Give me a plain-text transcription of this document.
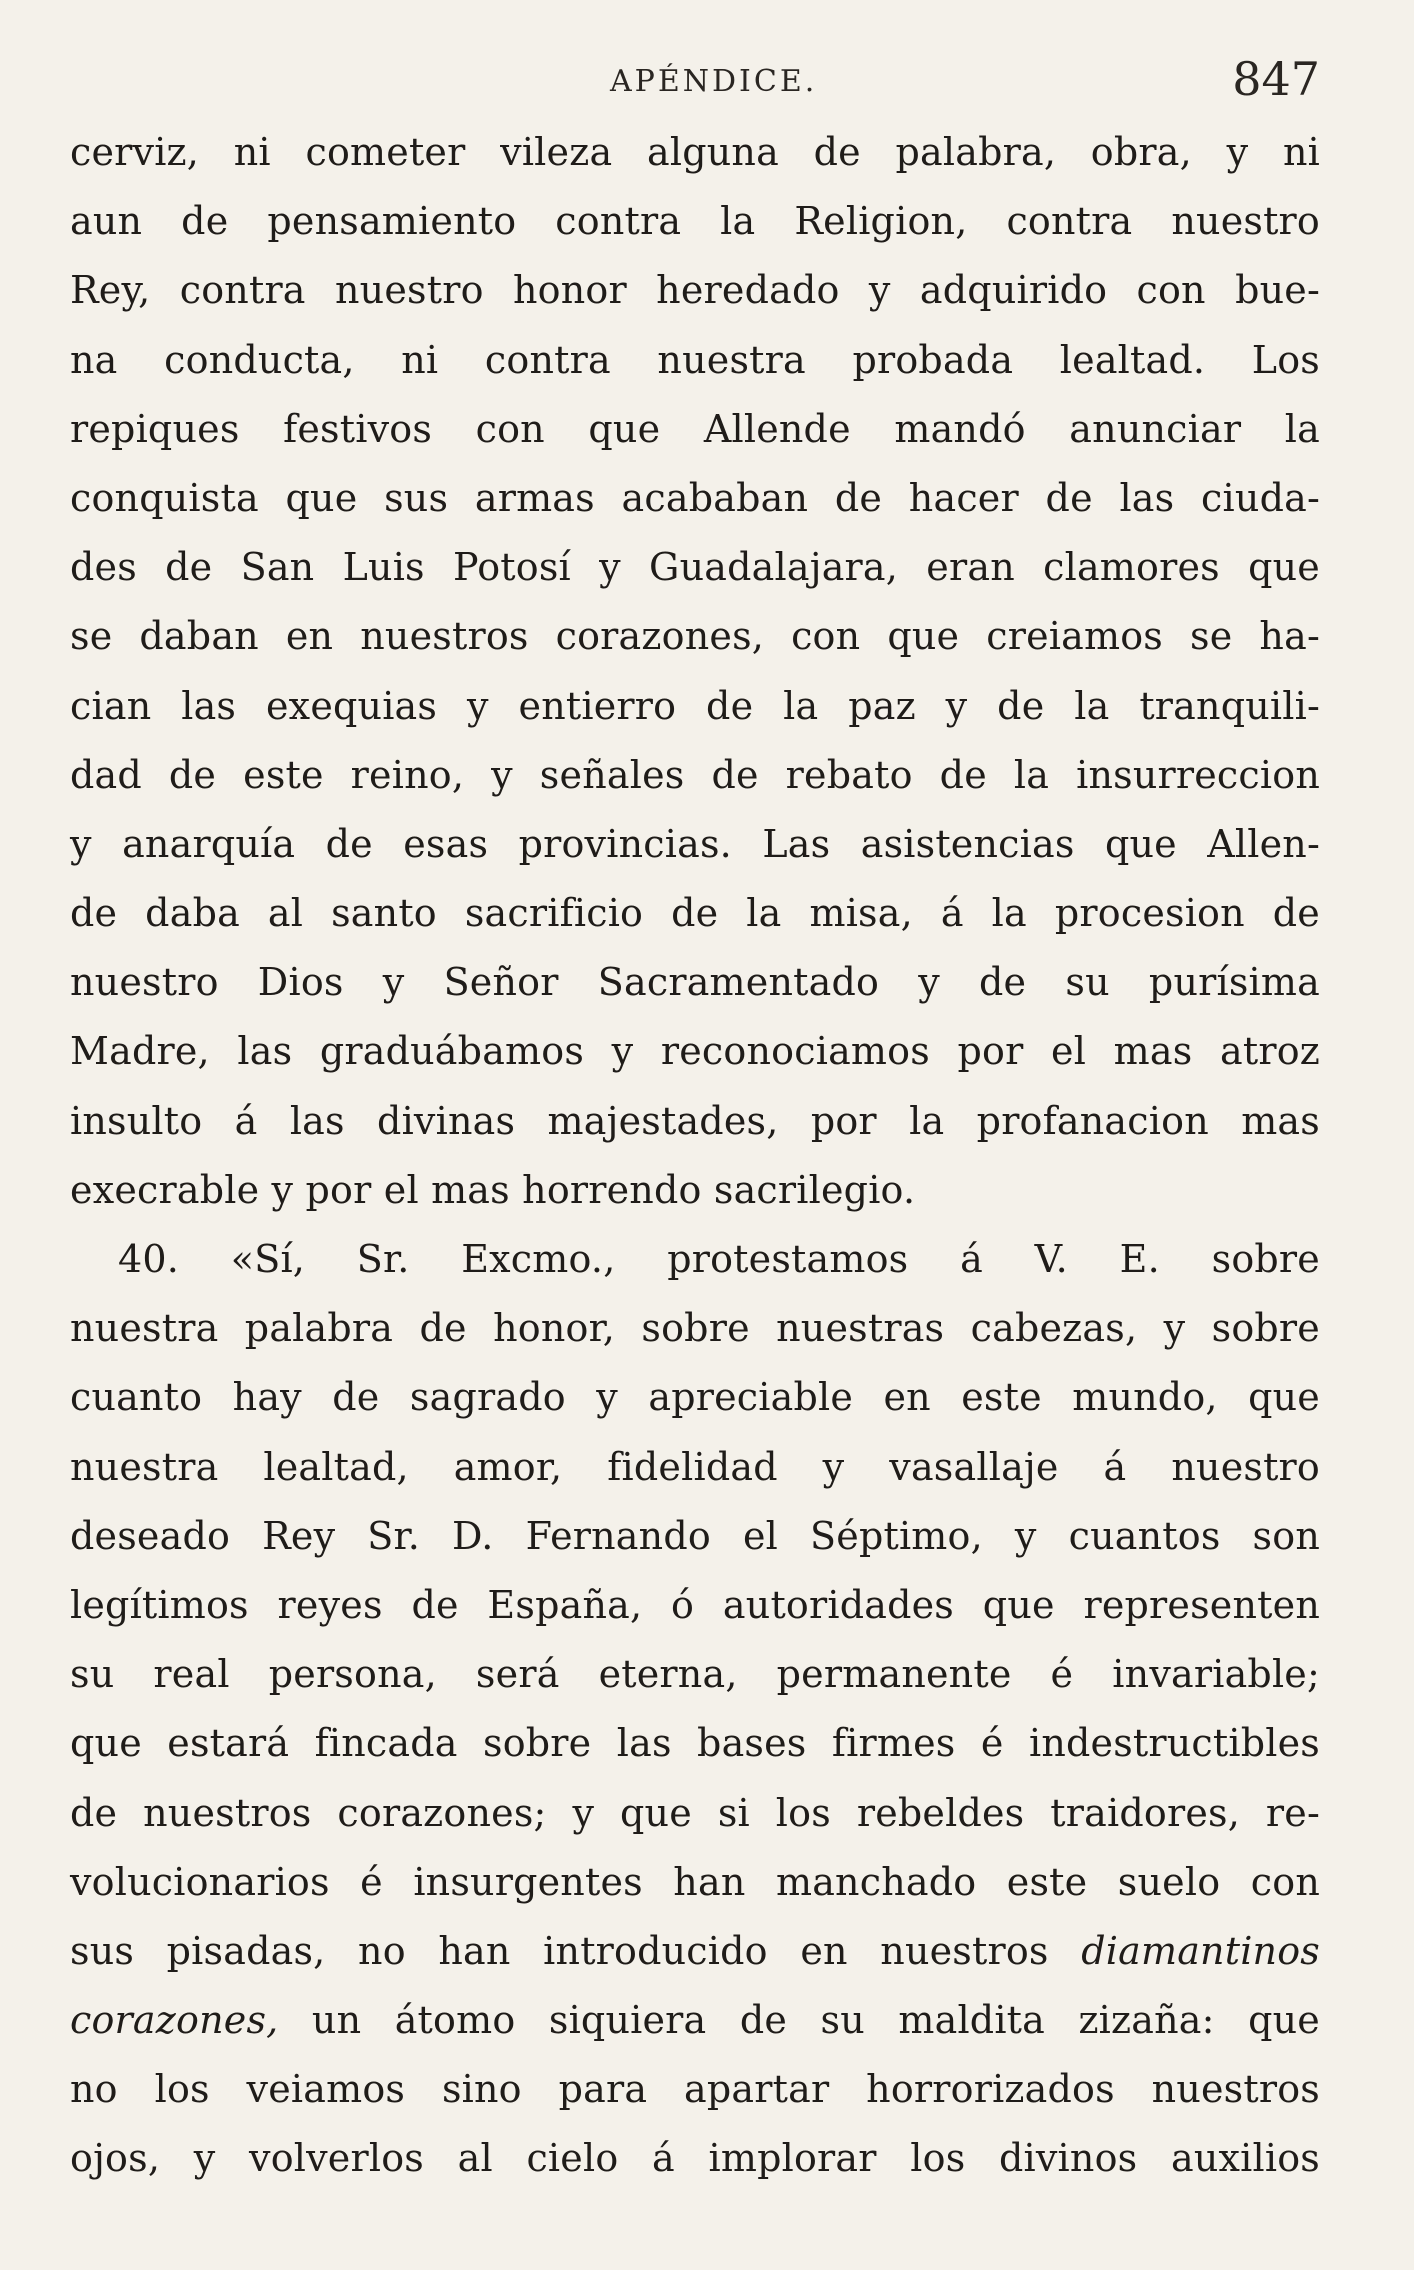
APÉNDICE.	847
cerviz, ni cometer vileza alguna de palabra, obra, y ni
aun de pensamiento contra la Religion, contra nuestro
Rey, contra nuestro honor heredado y adquirido con bue-
na conducta, ni contra nuestra probada lealtad. Los
repiques festivos con que Allende mandó anunciar la
conquista que sus armas acababan de hacer de las ciuda-
des de San Luis Potosí y Guadalajara, eran clamores que
se daban en nuestros corazones, con que creiamos se ha-
cian las exequias y entierro de la paz y de la tranquili-
dad de este reino, y señales de rebato de la insurreccion
y anarquía de esas provincias. Las asistencias que Allen-
de daba al santo sacrificio de la misa, á la procesion de
nuestro Dios y Señor Sacramentado y de su purísima
Madre, las graduábamos y reconociamos por el mas atroz
insulto á las divinas majestades, por la profanacion mas
execrable y por el mas horrendo sacrilegio.
40. «Sí, Sr. Excmo., protestamos á V. E. sobre
nuestra palabra de honor, sobre nuestras cabezas, y sobre
cuanto hay de sagrado y apreciable en este mundo, que
nuestra lealtad, amor, fidelidad y vasallaje á nuestro
deseado Rey Sr. D. Fernando el Séptimo, y cuantos son
legítimos reyes de España, ó autoridades que representen
su real persona, será eterna, permanente é invariable;
que estará fincada sobre las bases firmes é indestructibles
de nuestros corazones; y que si los rebeldes traidores, re-
volucionarios é insurgentes han manchado este suelo con
sus pisadas, no han introducido en nuestros diamantinos
corazones, un átomo siquiera de su maldita zizaña: que
no los veiamos sino para apartar horrorizados nuestros
ojos, y volverlos al cielo á implorar los divinos auxilios
